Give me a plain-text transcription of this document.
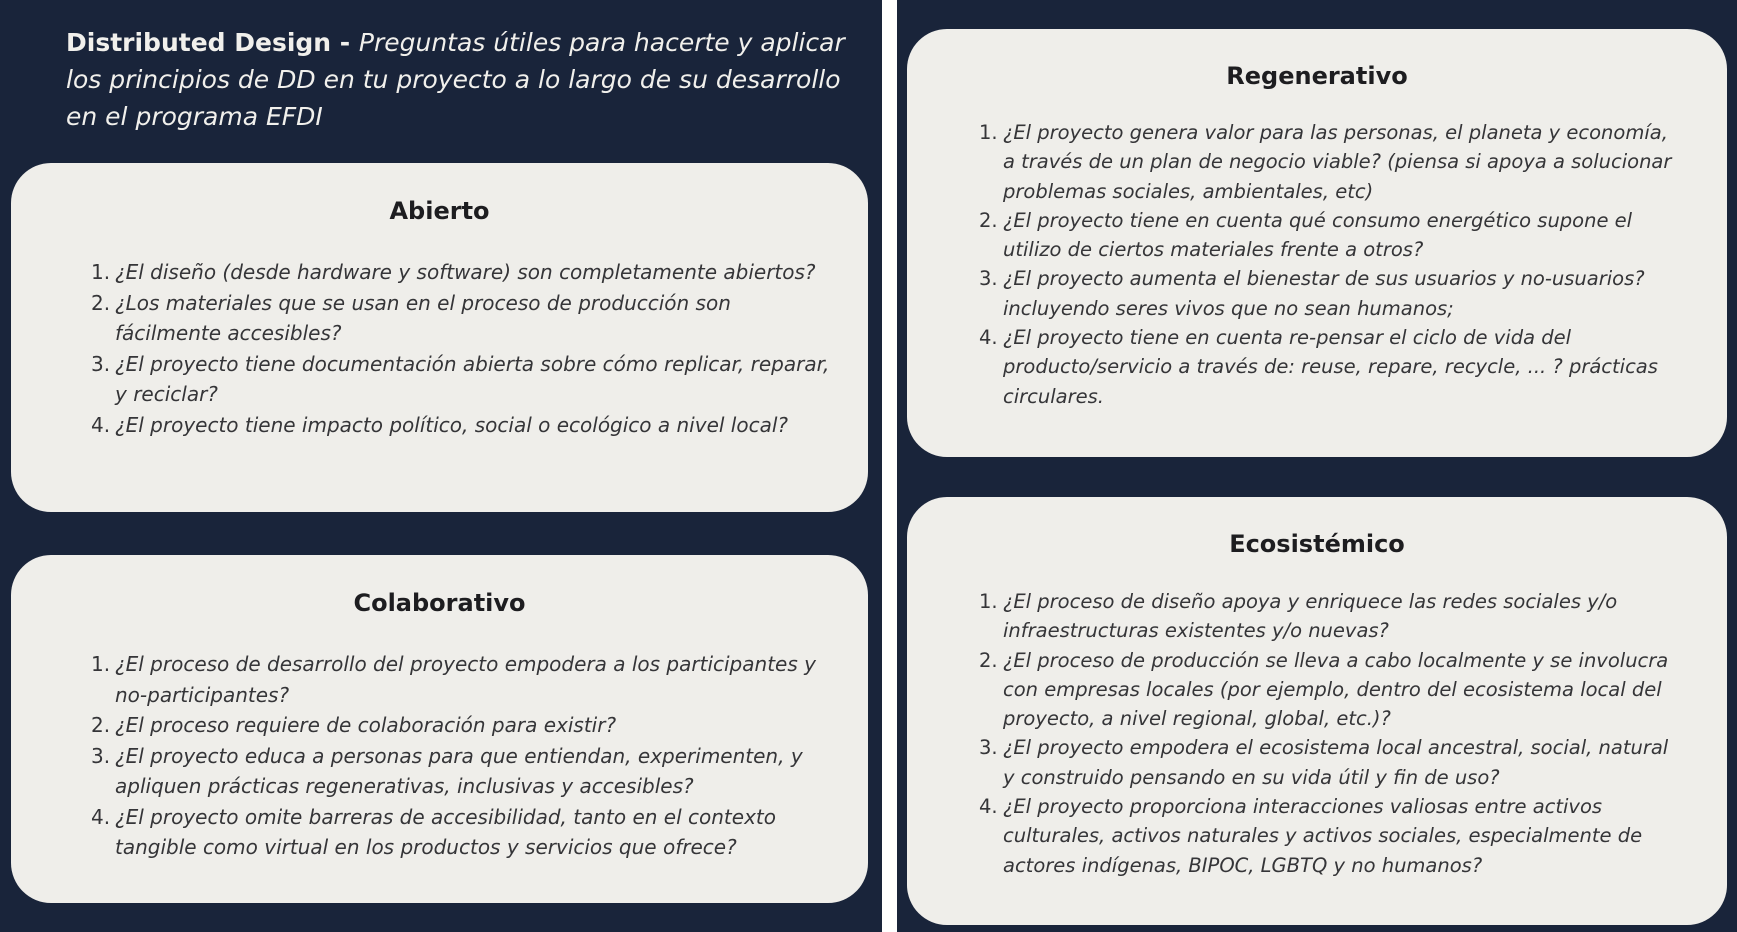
Distributed Design - Preguntas útiles para hacerte y aplicar los principios de DD en tu proyecto a lo largo de su desarrollo en el programa EFDI
Abierto
1. ¿El diseño (desde hardware y software) son completamente abiertos?
2. ¿Los materiales que se usan en el proceso de producción son fácilmente accesibles?
3. ¿El proyecto tiene documentación abierta sobre cómo replicar, reparar, y reciclar?
4. ¿El proyecto tiene impacto político, social o ecológico a nivel local?
Colaborativo
1. ¿El proceso de desarrollo del proyecto empodera a los participantes y no-participantes?
2. ¿El proceso requiere de colaboración para existir?
3. ¿El proyecto educa a personas para que entiendan, experimenten, y apliquen prácticas regenerativas, inclusivas y accesibles?
4. ¿El proyecto omite barreras de accesibilidad, tanto en el contexto tangible como virtual en los productos y servicios que ofrece?
Regenerativo
1. ¿El proyecto genera valor para las personas, el planeta y economía, a través de un plan de negocio viable? (piensa si apoya a solucionar problemas sociales, ambientales, etc)
2. ¿El proyecto tiene en cuenta qué consumo energético supone el utilizo de ciertos materiales frente a otros?
3. ¿El proyecto aumenta el bienestar de sus usuarios y no-usuarios? incluyendo seres vivos que no sean humanos;
4. ¿El proyecto tiene en cuenta re-pensar el ciclo de vida del producto/servicio a través de: reuse, repare, recycle, ... ? prácticas circulares.
Ecosistémico
1. ¿El proceso de diseño apoya y enriquece las redes sociales y/o infraestructuras existentes y/o nuevas?
2. ¿El proceso de producción se lleva a cabo localmente y se involucra con empresas locales (por ejemplo, dentro del ecosistema local del proyecto, a nivel regional, global, etc.)?
3. ¿El proyecto empodera el ecosistema local ancestral, social, natural y construido pensando en su vida útil y fin de uso?
4. ¿El proyecto proporciona interacciones valiosas entre activos culturales, activos naturales y activos sociales, especialmente de actores indígenas, BIPOC, LGBTQ y no humanos?
